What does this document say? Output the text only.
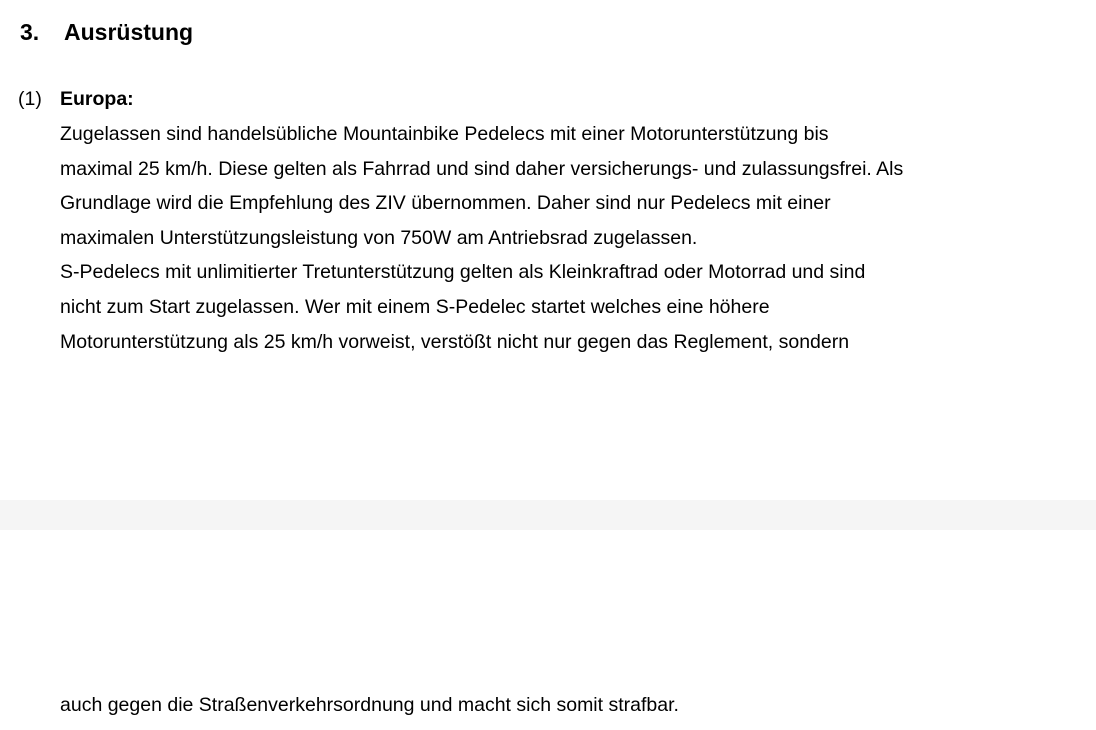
3. Ausrüstung
(1) Europa:
Zugelassen sind handelsübliche Mountainbike Pedelecs mit einer Motorunterstützung bis
maximal 25 km/h. Diese gelten als Fahrrad und sind daher versicherungs- und zulassungsfrei. Als
Grundlage wird die Empfehlung des ZIV übernommen. Daher sind nur Pedelecs mit einer
maximalen Unterstützungsleistung von 750W am Antriebsrad zugelassen.
S-Pedelecs mit unlimitierter Tretunterstützung gelten als Kleinkraftrad oder Motorrad und sind
nicht zum Start zugelassen. Wer mit einem S-Pedelec startet welches eine höhere
Motorunterstützung als 25 km/h vorweist, verstößt nicht nur gegen das Reglement, sondern
auch gegen die Straßenverkehrsordnung und macht sich somit strafbar.
